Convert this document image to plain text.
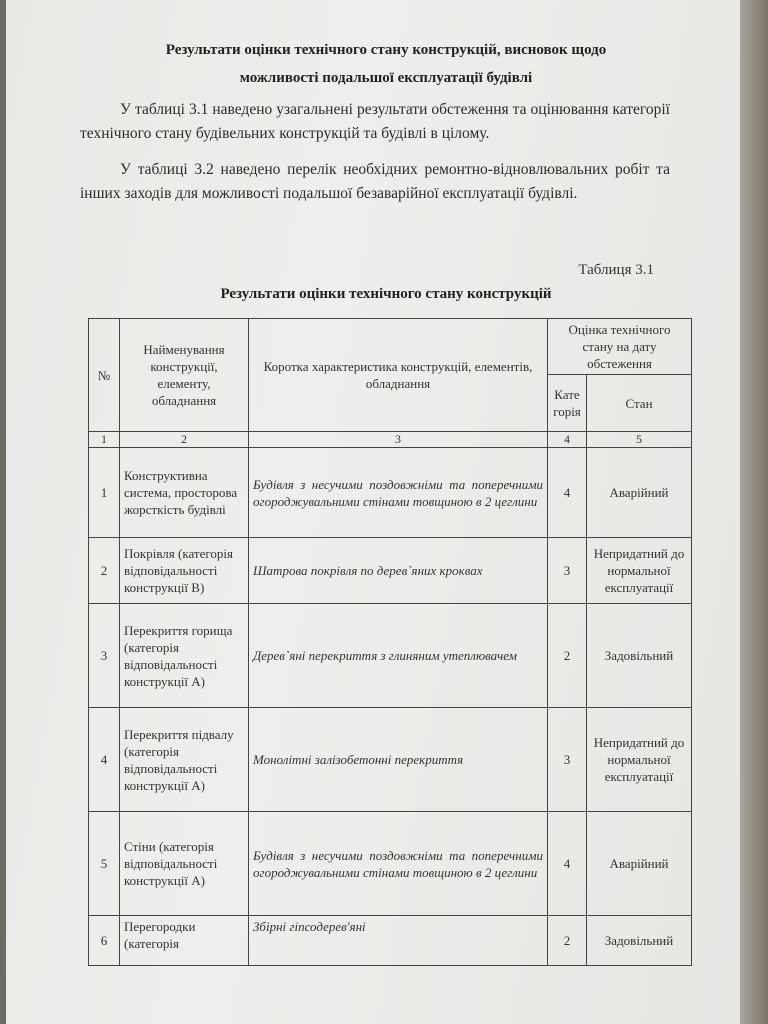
Результати оцінки технічного стану конструкцій, висновок щодо
можливості подальшої експлуатації будівлі
У таблиці 3.1 наведено узагальнені результати обстеження та оцінювання категорії технічного стану будівельних конструкцій та будівлі в цілому.
У таблиці 3.2 наведено перелік необхідних ремонтно-відновлювальних робіт та інших заходів для можливості подальшої безаварійної експлуатації будівлі.
Таблиця 3.1
Результати оцінки технічного стану конструкцій
№	Найменування конструкції, елементу, обладнання	Коротка характеристика конструкцій, елементів, обладнання	Оцінка технічного стану на дату обстеження	
			Кате горія	Стан
1	2	3	4	5
1	Конструктивна система, просторова жорсткість будівлі	Будівля з несучими поздовжніми та поперечними огороджувальними стінами товщиною в 2 цеглини	4	Аварійний
2	Покрівля (категорія відповідальності конструкції В)	Шатрова покрівля по дерев`яних кроквах	3	Непридатний до нормальної експлуатації
3	Перекриття горища (категорія відповідальності конструкції А)	Дерев`яні перекриття з глиняним утеплювачем	2	Задовільний
4	Перекриття підвалу (категорія відповідальності конструкції А)	Монолітні залізобетонні перекриття	3	Непридатний до нормальної експлуатації
5	Стіни (категорія відповідальності конструкції А)	Будівля з несучими поздовжніми та поперечними огороджувальними стінами товщиною в 2 цеглини	4	Аварійний
6	Перегородки (категорія	Збірні гіпсодерев'яні	2	Задовільний
